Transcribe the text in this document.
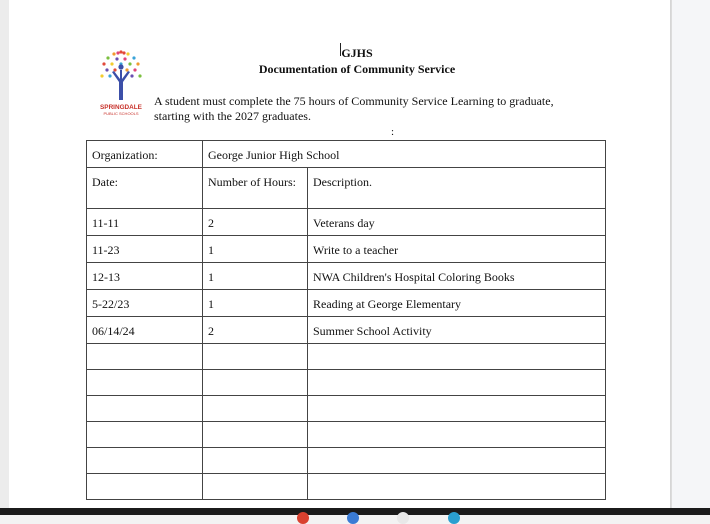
SPRINGDALE
PUBLIC SCHOOLS
GJHS
Documentation of Community Service
A student must complete the 75 hours of Community Service Learning to graduate, starting with the 2027 graduates.
:
Organization:	George Junior High School	
Date:	Number of Hours:	Description.
11-11	2	Veterans day
11-23	1	Write to a teacher
12-13	1	NWA Children's Hospital Coloring Books
5-22/23	1	Reading at George Elementary
06/14/24	2	Summer School Activity
